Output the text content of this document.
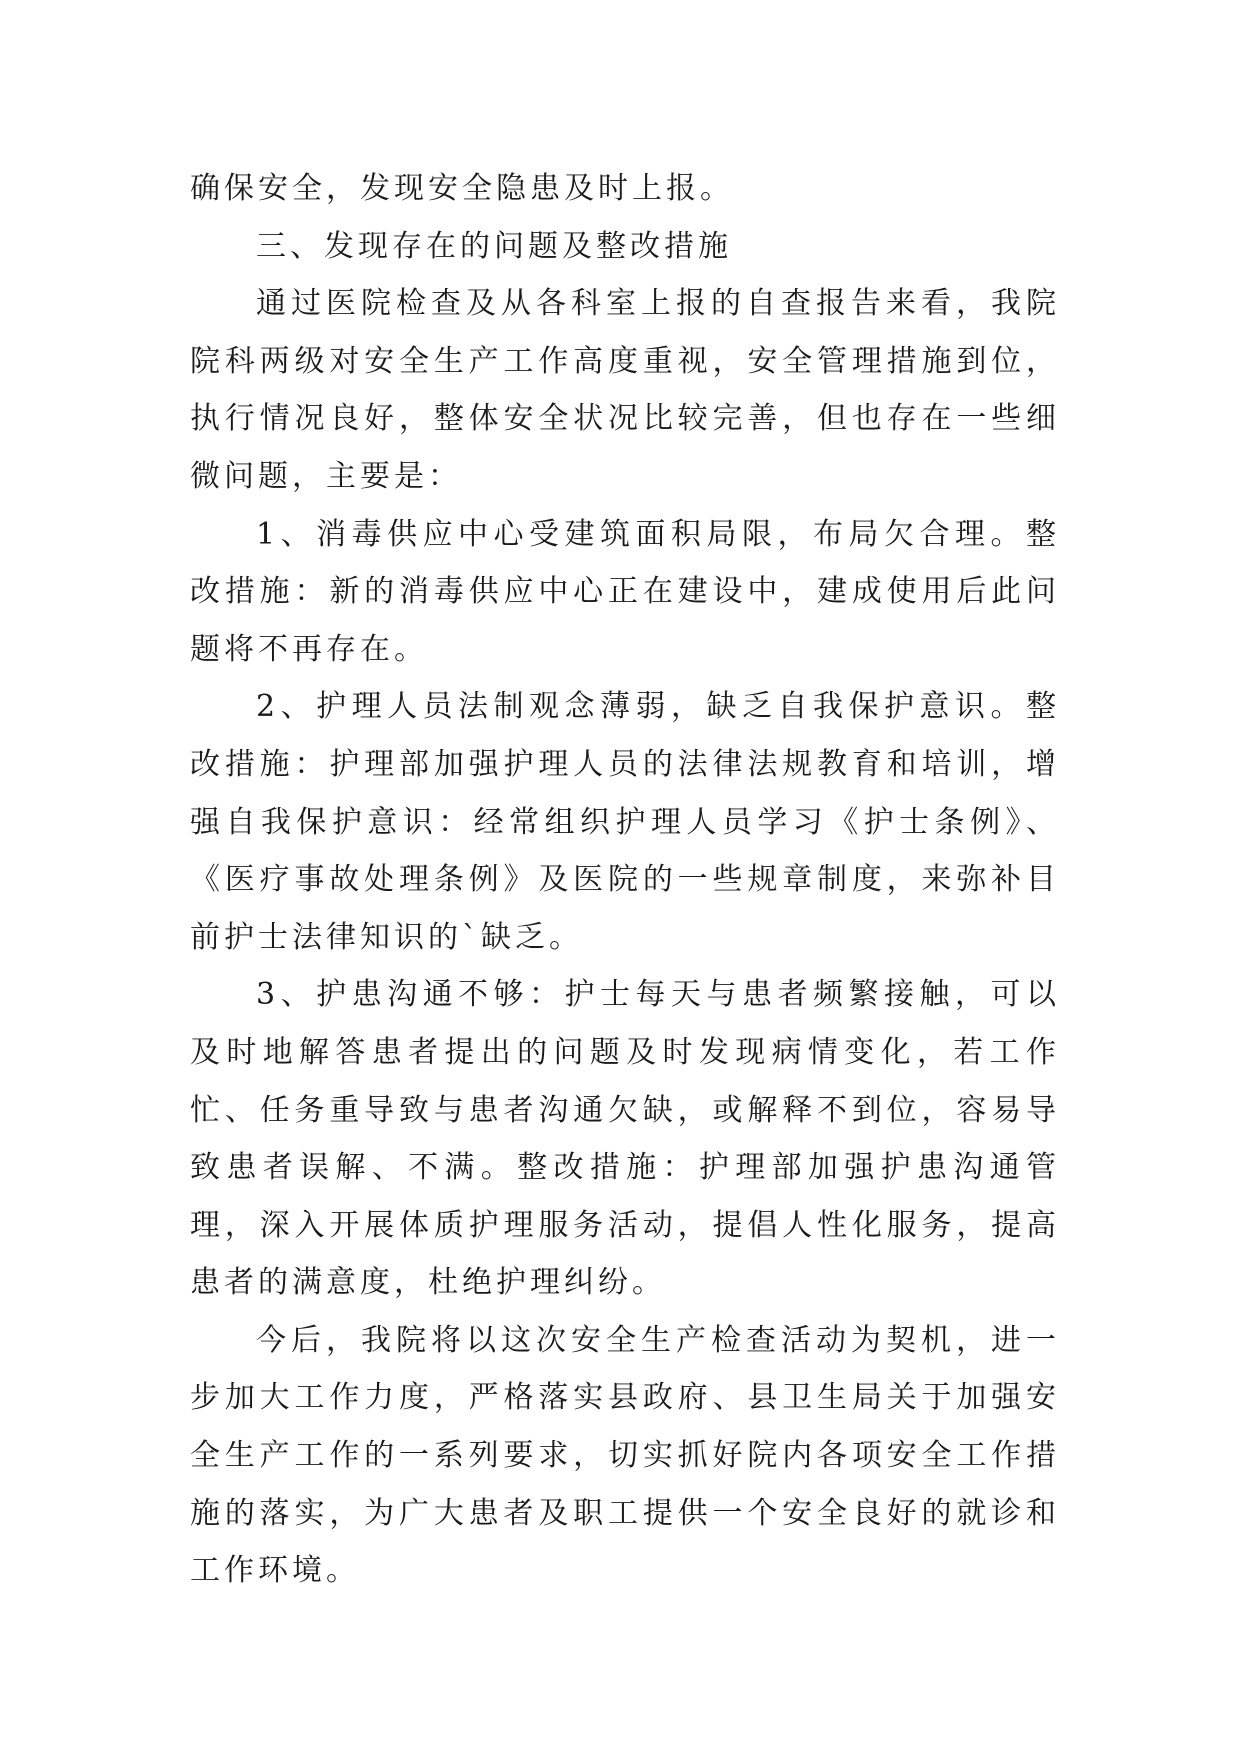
确保安全，发现安全隐患及时上报。

三、发现存在的问题及整改措施

通过医院检查及从各科室上报的自查报告来看，我院院科两级对安全生产工作高度重视，安全管理措施到位，执行情况良好，整体安全状况比较完善，但也存在一些细微问题，主要是：

1、消毒供应中心受建筑面积局限，布局欠合理。整改措施：新的消毒供应中心正在建设中，建成使用后此问题将不再存在。

2、护理人员法制观念薄弱，缺乏自我保护意识。整改措施：护理部加强护理人员的法律法规教育和培训，增强自我保护意识：经常组织护理人员学习《护士条例》、《医疗事故处理条例》及医院的一些规章制度，来弥补目前护士法律知识的`缺乏。

3、护患沟通不够：护士每天与患者频繁接触，可以及时地解答患者提出的问题及时发现病情变化，若工作忙、任务重导致与患者沟通欠缺，或解释不到位，容易导致患者误解、不满。整改措施：护理部加强护患沟通管理，深入开展体质护理服务活动，提倡人性化服务，提高患者的满意度，杜绝护理纠纷。

今后，我院将以这次安全生产检查活动为契机，进一步加大工作力度，严格落实县政府、县卫生局关于加强安全生产工作的一系列要求，切实抓好院内各项安全工作措施的落实，为广大患者及职工提供一个安全良好的就诊和工作环境。
